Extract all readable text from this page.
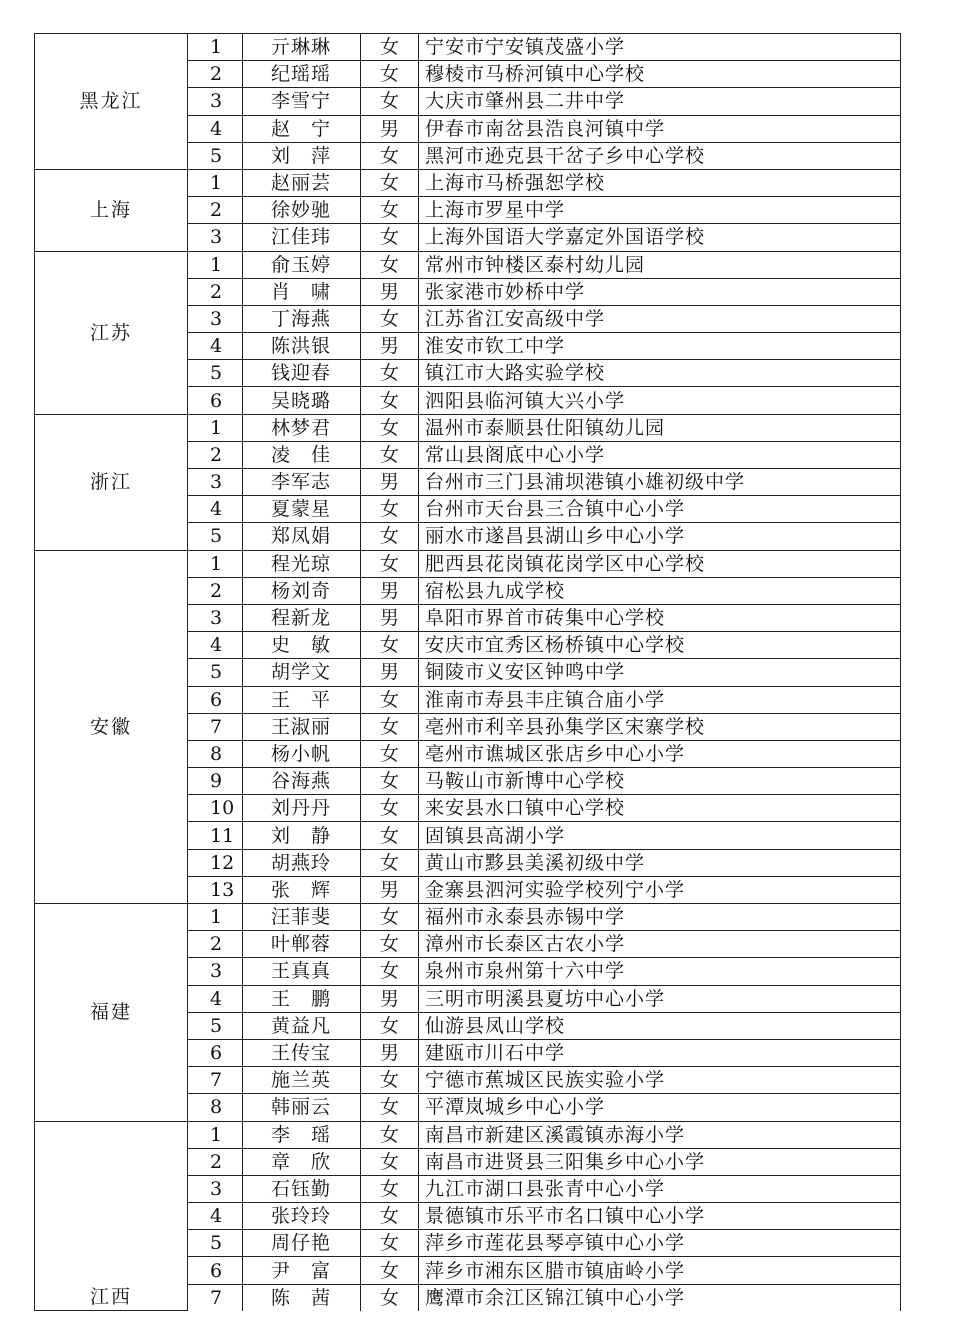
黑龙江	1	亓琳琳	女	宁安市宁安镇茂盛小学
	2	纪瑶瑶	女	穆棱市马桥河镇中心学校
	3	李雪宁	女	大庆市肇州县二井中学
	4	赵　宁	男	伊春市南岔县浩良河镇中学
	5	刘　萍	女	黑河市逊克县干岔子乡中心学校
上海	1	赵丽芸	女	上海市马桥强恕学校
	2	徐妙驰	女	上海市罗星中学
	3	江佳玮	女	上海外国语大学嘉定外国语学校
江苏	1	俞玉婷	女	常州市钟楼区泰村幼儿园
	2	肖　啸	男	张家港市妙桥中学
	3	丁海燕	女	江苏省江安高级中学
	4	陈洪银	男	淮安市钦工中学
	5	钱迎春	女	镇江市大路实验学校
	6	吴晓璐	女	泗阳县临河镇大兴小学
浙江	1	林梦君	女	温州市泰顺县仕阳镇幼儿园
	2	凌　佳	女	常山县阁底中心小学
	3	李军志	男	台州市三门县浦坝港镇小雄初级中学
	4	夏蒙星	女	台州市天台县三合镇中心小学
	5	郑凤娟	女	丽水市遂昌县湖山乡中心小学
安徽	1	程光琼	女	肥西县花岗镇花岗学区中心学校
	2	杨刘奇	男	宿松县九成学校
	3	程新龙	男	阜阳市界首市砖集中心学校
	4	史　敏	女	安庆市宜秀区杨桥镇中心学校
	5	胡学文	男	铜陵市义安区钟鸣中学
	6	王　平	女	淮南市寿县丰庄镇合庙小学
	7	王淑丽	女	亳州市利辛县孙集学区宋寨学校
	8	杨小帆	女	亳州市谯城区张店乡中心小学
	9	谷海燕	女	马鞍山市新博中心学校
	10	刘丹丹	女	来安县水口镇中心学校
	11	刘　静	女	固镇县高湖小学
	12	胡燕玲	女	黄山市黟县美溪初级中学
	13	张　辉	男	金寨县泗河实验学校列宁小学
福建	1	汪菲斐	女	福州市永泰县赤锡中学
	2	叶郸蓉	女	漳州市长泰区古农小学
	3	王真真	女	泉州市泉州第十六中学
	4	王　鹏	男	三明市明溪县夏坊中心小学
	5	黄益凡	女	仙游县凤山学校
	6	王传宝	男	建瓯市川石中学
	7	施兰英	女	宁德市蕉城区民族实验小学
	8	韩丽云	女	平潭岚城乡中心小学
江西	1	李　瑶	女	南昌市新建区溪霞镇赤海小学
	2	章　欣	女	南昌市进贤县三阳集乡中心小学
	3	石钰勤	女	九江市湖口县张青中心小学
	4	张玲玲	女	景德镇市乐平市名口镇中心小学
	5	周仔艳	女	萍乡市莲花县琴亭镇中心小学
	6	尹　富	女	萍乡市湘东区腊市镇庙岭小学
	7	陈　茜	女	鹰潭市余江区锦江镇中心小学
